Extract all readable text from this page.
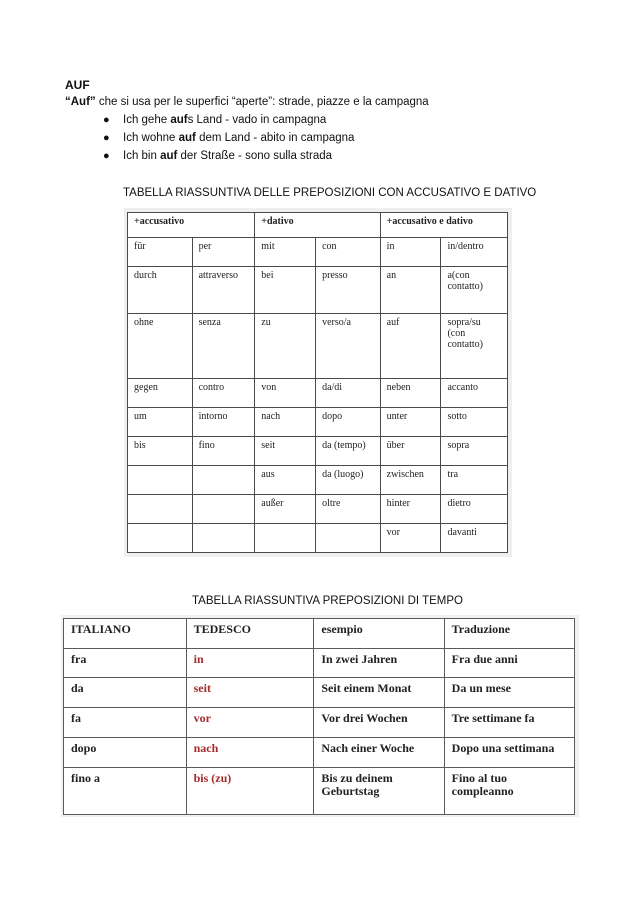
AUF
“Auf” che si usa per le superfici “aperte”: strade, piazze e la campagna
● Ich gehe aufs Land - vado in campagna
● Ich wohne auf dem Land - abito in campagna
● Ich bin auf der Straße - sono sulla strada
TABELLA RIASSUNTIVA DELLE PREPOSIZIONI CON ACCUSATIVO E DATIVO
+accusativo		+dativo		+accusativo e dativo	
für	per	mit	con	in	in/dentro
durch	attraverso	bei	presso	an	a(con contatto)
ohne	senza	zu	verso/a	auf	sopra/su (con contatto)
gegen	contro	von	da/di	neben	accanto
um	intorno	nach	dopo	unter	sotto
bis	fino	seit	da (tempo)	über	sopra
		aus	da (luogo)	zwischen	tra
		außer	oltre	hinter	dietro
				vor	davanti
TABELLA RIASSUNTIVA PREPOSIZIONI DI TEMPO
ITALIANO	TEDESCO	esempio	Traduzione
fra	in	In zwei Jahren	Fra due anni
da	seit	Seit einem Monat	Da un mese
fa	vor	Vor drei Wochen	Tre settimane fa
dopo	nach	Nach einer Woche	Dopo una settimana
fino a	bis (zu)	Bis zu deinem Geburtstag	Fino al tuo compleanno
